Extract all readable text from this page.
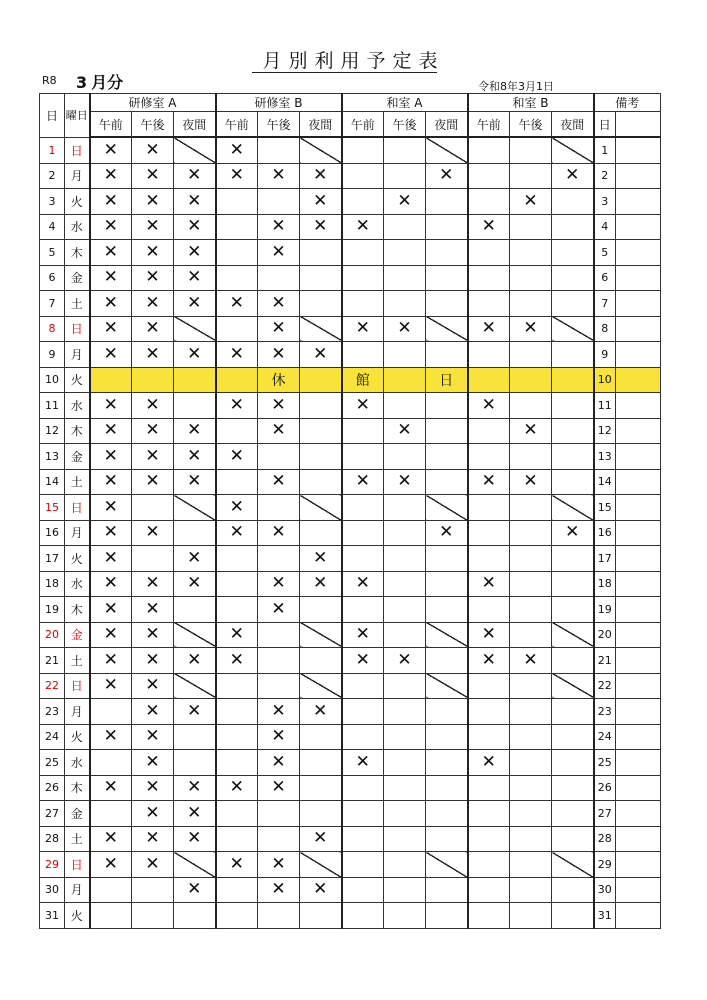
月別利用予定表
R8 3 月分	令和8年3月1日
日	曜日	研修室 A			研修室 B			和室 A			和室 B			備考	
		午前	午後	夜間	午前	午後	夜間	午前	午後	夜間	午前	午後	夜間	日	
1	日	✕	✕		✕									1	
2	月	✕	✕	✕	✕	✕	✕			✕			✕	2	
3	火	✕	✕	✕			✕		✕			✕		3	
4	水	✕	✕	✕		✕	✕	✕			✕			4	
5	木	✕	✕	✕		✕								5	
6	金	✕	✕	✕										6	
7	土	✕	✕	✕	✕	✕								7	
8	日	✕	✕			✕		✕	✕		✕	✕		8	
9	月	✕	✕	✕	✕	✕	✕							9	
10	火					休		館		日				10	
11	水	✕	✕		✕	✕		✕			✕			11	
12	木	✕	✕	✕		✕			✕			✕		12	
13	金	✕	✕	✕	✕									13	
14	土	✕	✕	✕		✕		✕	✕		✕	✕		14	
15	日	✕			✕									15	
16	月	✕	✕		✕	✕				✕			✕	16	
17	火	✕		✕			✕							17	
18	水	✕	✕	✕		✕	✕	✕			✕			18	
19	木	✕	✕			✕								19	
20	金	✕	✕		✕			✕			✕			20	
21	土	✕	✕	✕	✕			✕	✕		✕	✕		21	
22	日	✕	✕											22	
23	月		✕	✕		✕	✕							23	
24	火	✕	✕			✕								24	
25	水		✕			✕		✕			✕			25	
26	木	✕	✕	✕	✕	✕								26	
27	金		✕	✕										27	
28	土	✕	✕	✕			✕							28	
29	日	✕	✕		✕	✕								29	
30	月			✕		✕	✕							30	
31	火													31	
